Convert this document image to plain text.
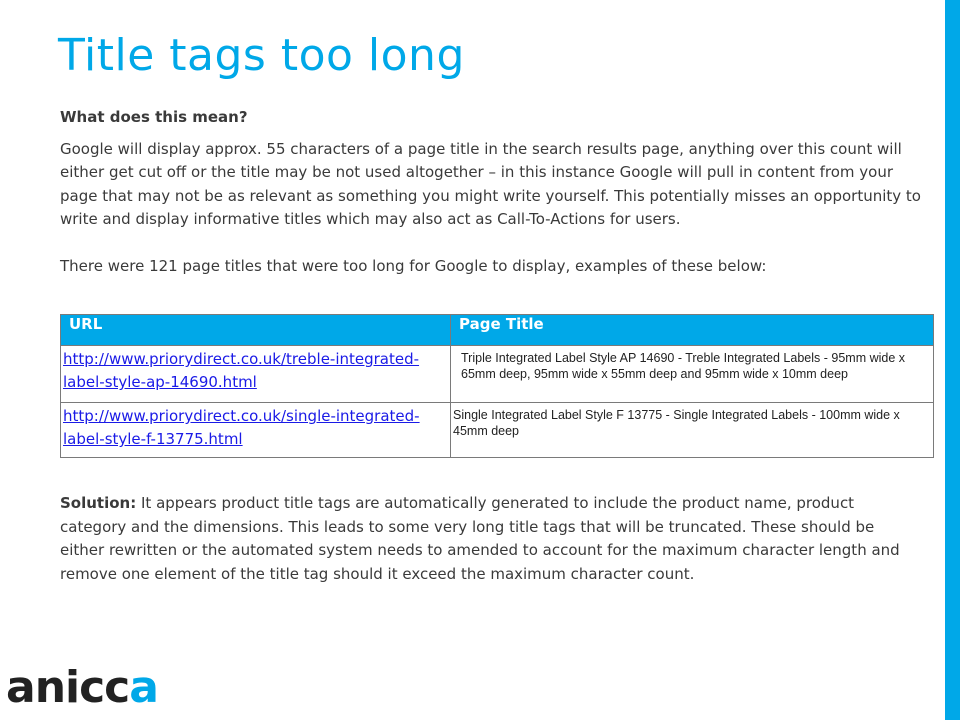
Title tags too long

What does this mean?

Google will display approx. 55 characters of a page title in the search results page, anything over this count will either get cut off or the title may be not used altogether – in this instance Google will pull in content from your page that may not be as relevant as something you might write yourself. This potentially misses an opportunity to write and display informative titles which may also act as Call-To-Actions for users.

There were 121 page titles that were too long for Google to display, examples of these below:

URL	Page Title

http://www.priorydirect.co.uk/treble-integrated-label-style-ap-14690.html	Triple Integrated Label Style AP 14690 - Treble Integrated Labels - 95mm wide x 65mm deep, 95mm wide x 55mm deep and 95mm wide x 10mm deep

http://www.priorydirect.co.uk/single-integrated-label-style-f-13775.html	Single Integrated Label Style F 13775 - Single Integrated Labels - 100mm wide x 45mm deep

Solution: It appears product title tags are automatically generated to include the product name, product category and the dimensions. This leads to some very long title tags that will be truncated. These should be either rewritten or the automated system needs to amended to account for the maximum character length and remove one element of the title tag should it exceed the maximum character count.

anicca
